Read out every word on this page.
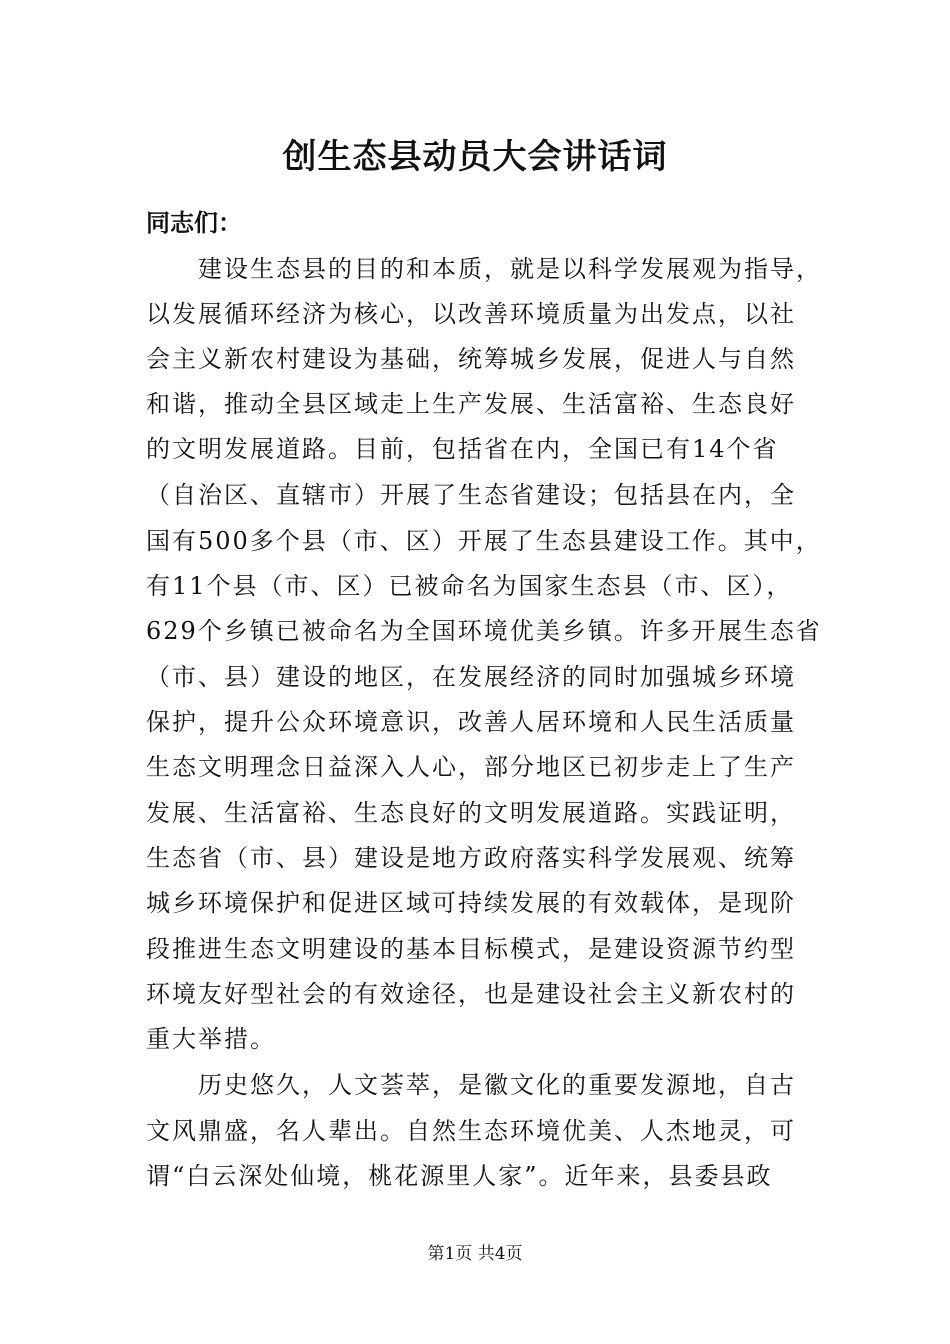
创生态县动员大会讲话词
同志们：
　　建设生态县的目的和本质，就是以科学发展观为指导，
以发展循环经济为核心，以改善环境质量为出发点，以社
会主义新农村建设为基础，统筹城乡发展，促进人与自然
和谐，推动全县区域走上生产发展、生活富裕、生态良好
的文明发展道路。目前，包括省在内，全国已有14个省
（自治区、直辖市）开展了生态省建设；包括县在内，全
国有500多个县（市、区）开展了生态县建设工作。其中，
有11个县（市、区）已被命名为国家生态县（市、区），
629个乡镇已被命名为全国环境优美乡镇。许多开展生态省
（市、县）建设的地区，在发展经济的同时加强城乡环境
保护，提升公众环境意识，改善人居环境和人民生活质量
生态文明理念日益深入人心，部分地区已初步走上了生产
发展、生活富裕、生态良好的文明发展道路。实践证明，
生态省（市、县）建设是地方政府落实科学发展观、统筹
城乡环境保护和促进区域可持续发展的有效载体，是现阶
段推进生态文明建设的基本目标模式，是建设资源节约型
环境友好型社会的有效途径，也是建设社会主义新农村的
重大举措。
　　历史悠久，人文荟萃，是徽文化的重要发源地，自古
文风鼎盛，名人辈出。自然生态环境优美、人杰地灵，可
谓“白云深处仙境，桃花源里人家”。近年来，县委县政
第1页 共4页
